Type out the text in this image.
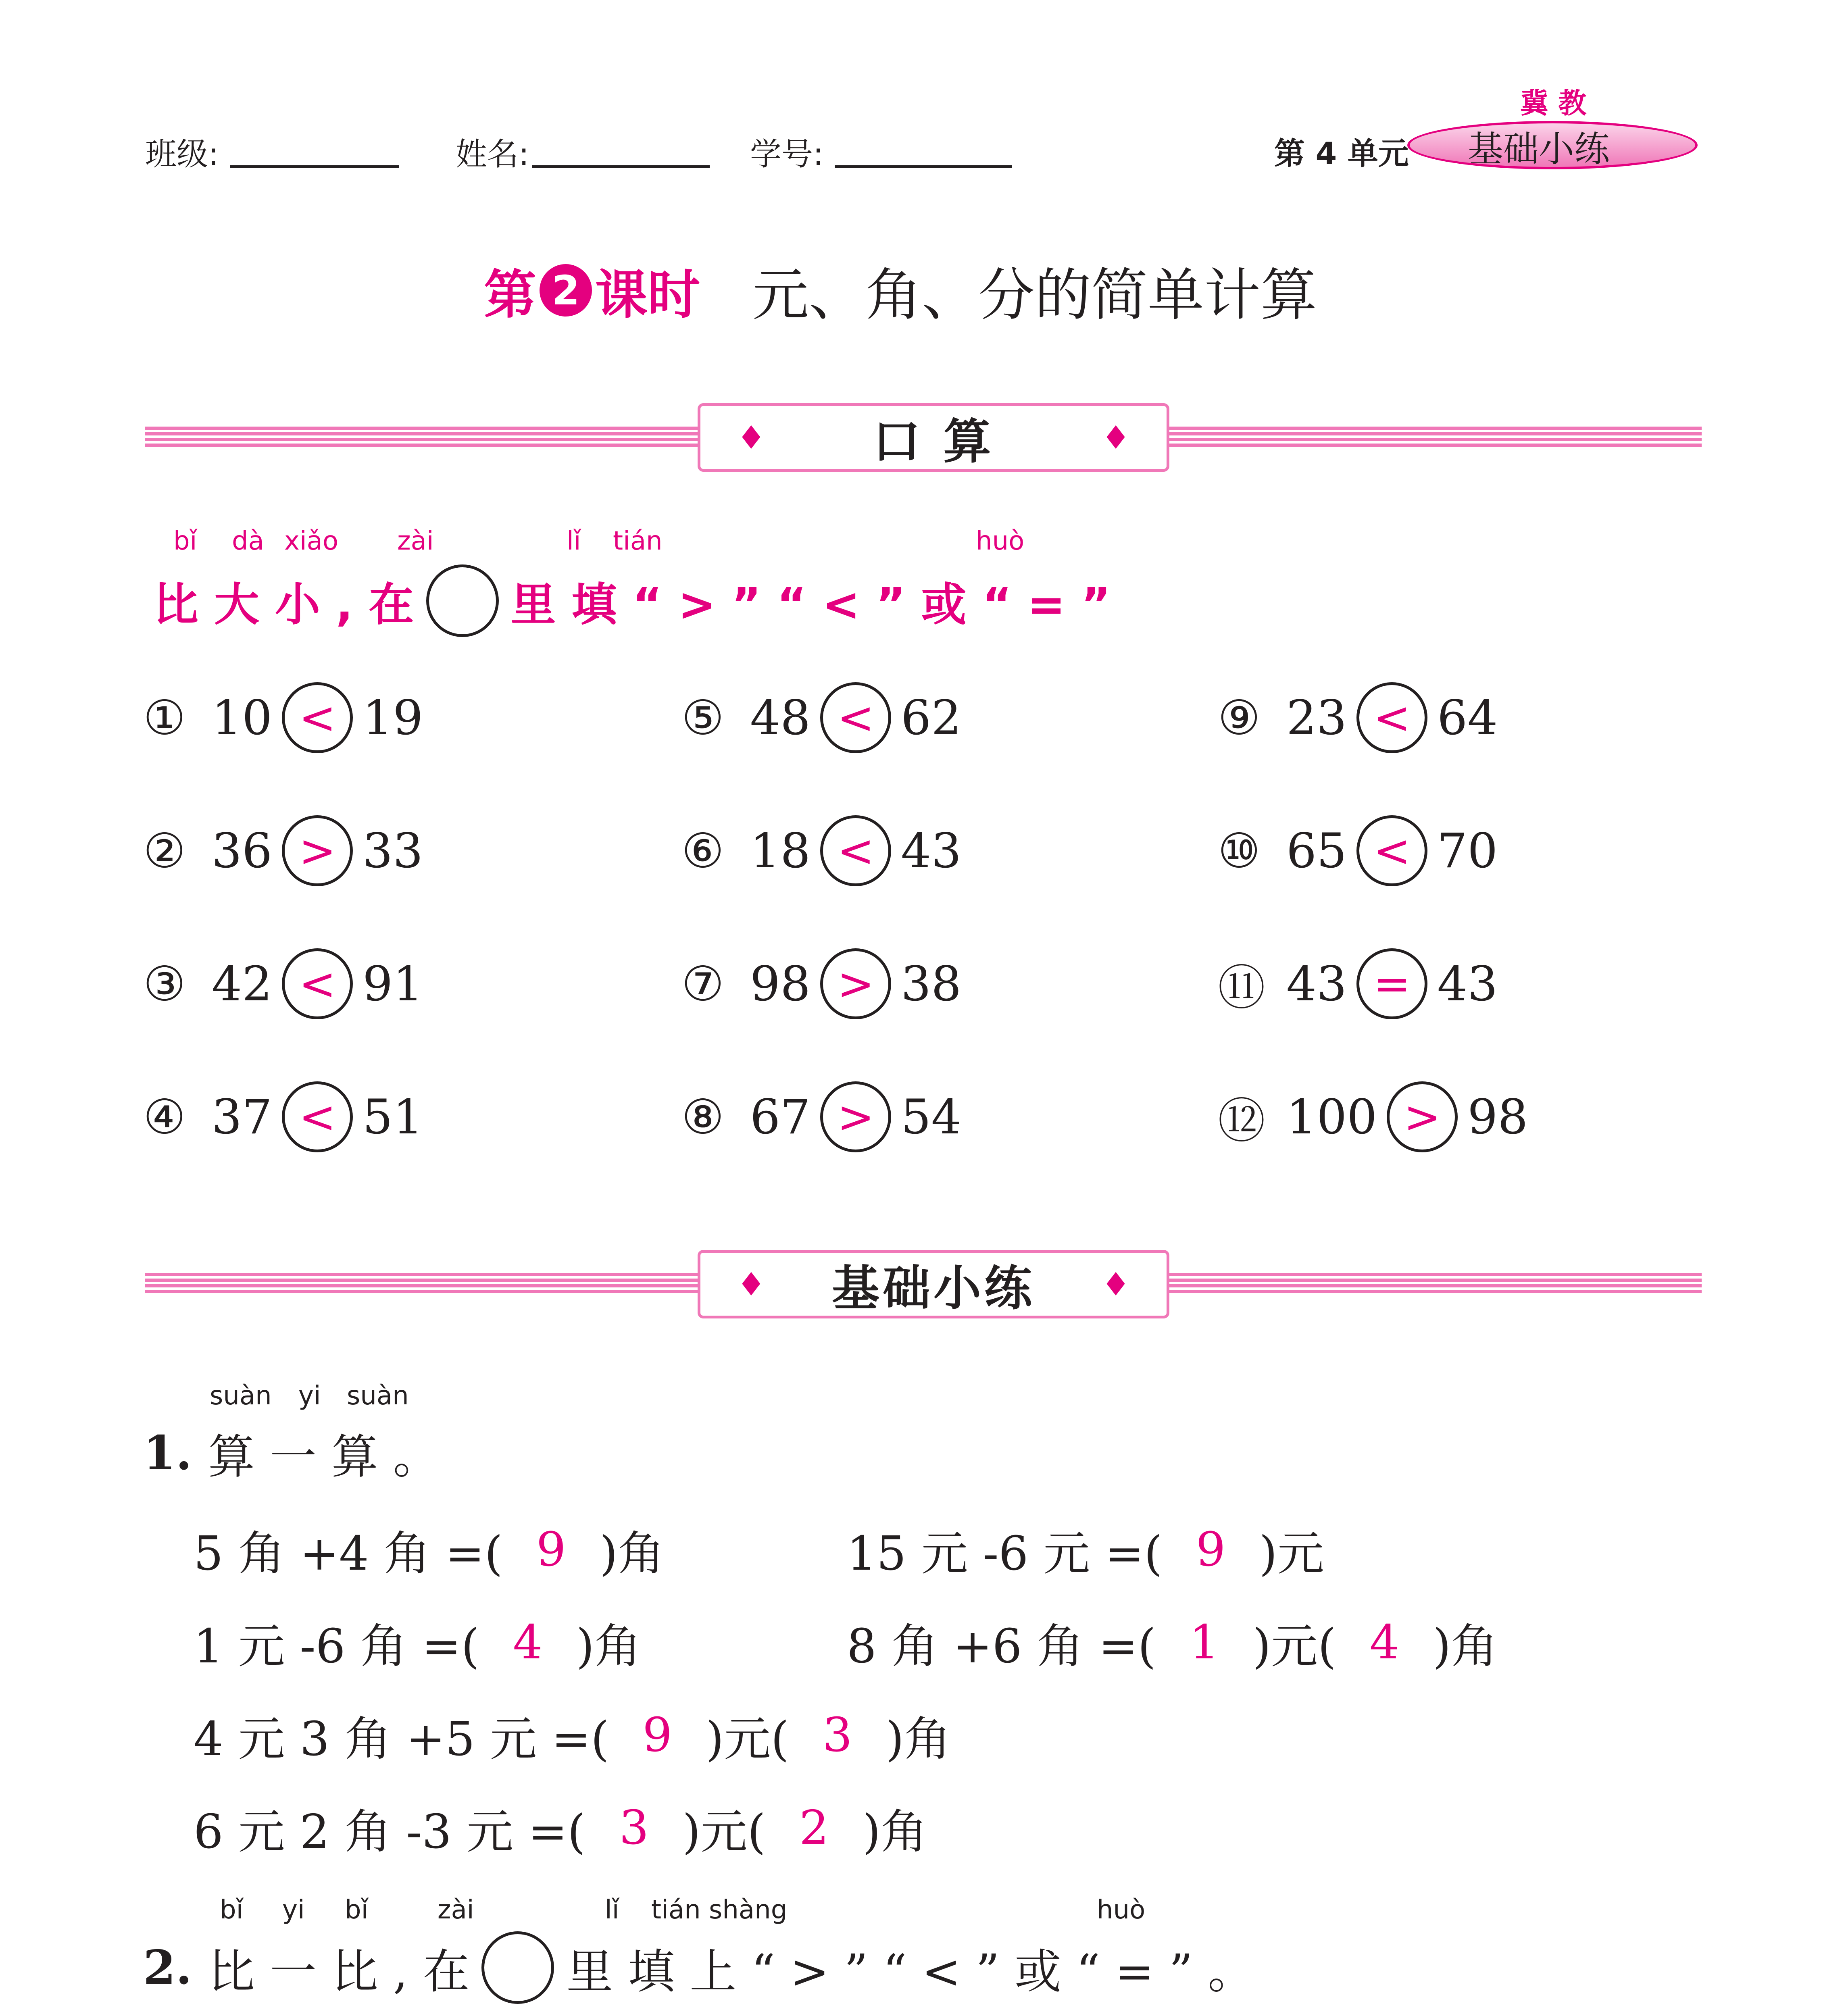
班级:	姓名:	学号:	第 4 单元
冀 教
基础小练
第 2 课时 元、角、分的简单计算
♦ 口 算	♦
bǐ dà xiǎo zài	lǐ tián	huò
比 大 小 , 在 里 填 “ > ” “ < ” 或 “ = ”
① 10 < 19
② 36 > 33
③ 42 < 91
④ 37 < 51
⑤ 48 < 62
⑥ 18 < 43
⑦ 98 > 38
⑧ 67 > 54
⑨ 23 < 64
⑩ 65 < 70
⑪ 43 = 43
⑫ 100 > 98
♦ 基础小练 ♦
suàn yi suàn
1 . 算 一 算 。
5 角 +4 角 =( 9 )角	15 元 -6 元 =( 9 )元
1 元 -6 角 =( 4 )角	8 角 +6 角 =( 1 )元( 4 )角
4 元 3 角 +5 元 =( 9 )元( 3 )角
6 元 2 角 -3 元 =( 3 )元( 2 )角
bǐ yi bǐ	zài	lǐ tián shàng	huò
2 . 比 一 比 , 在 里 填 上 “ > ” “ < ” 或 “ = ” 。
